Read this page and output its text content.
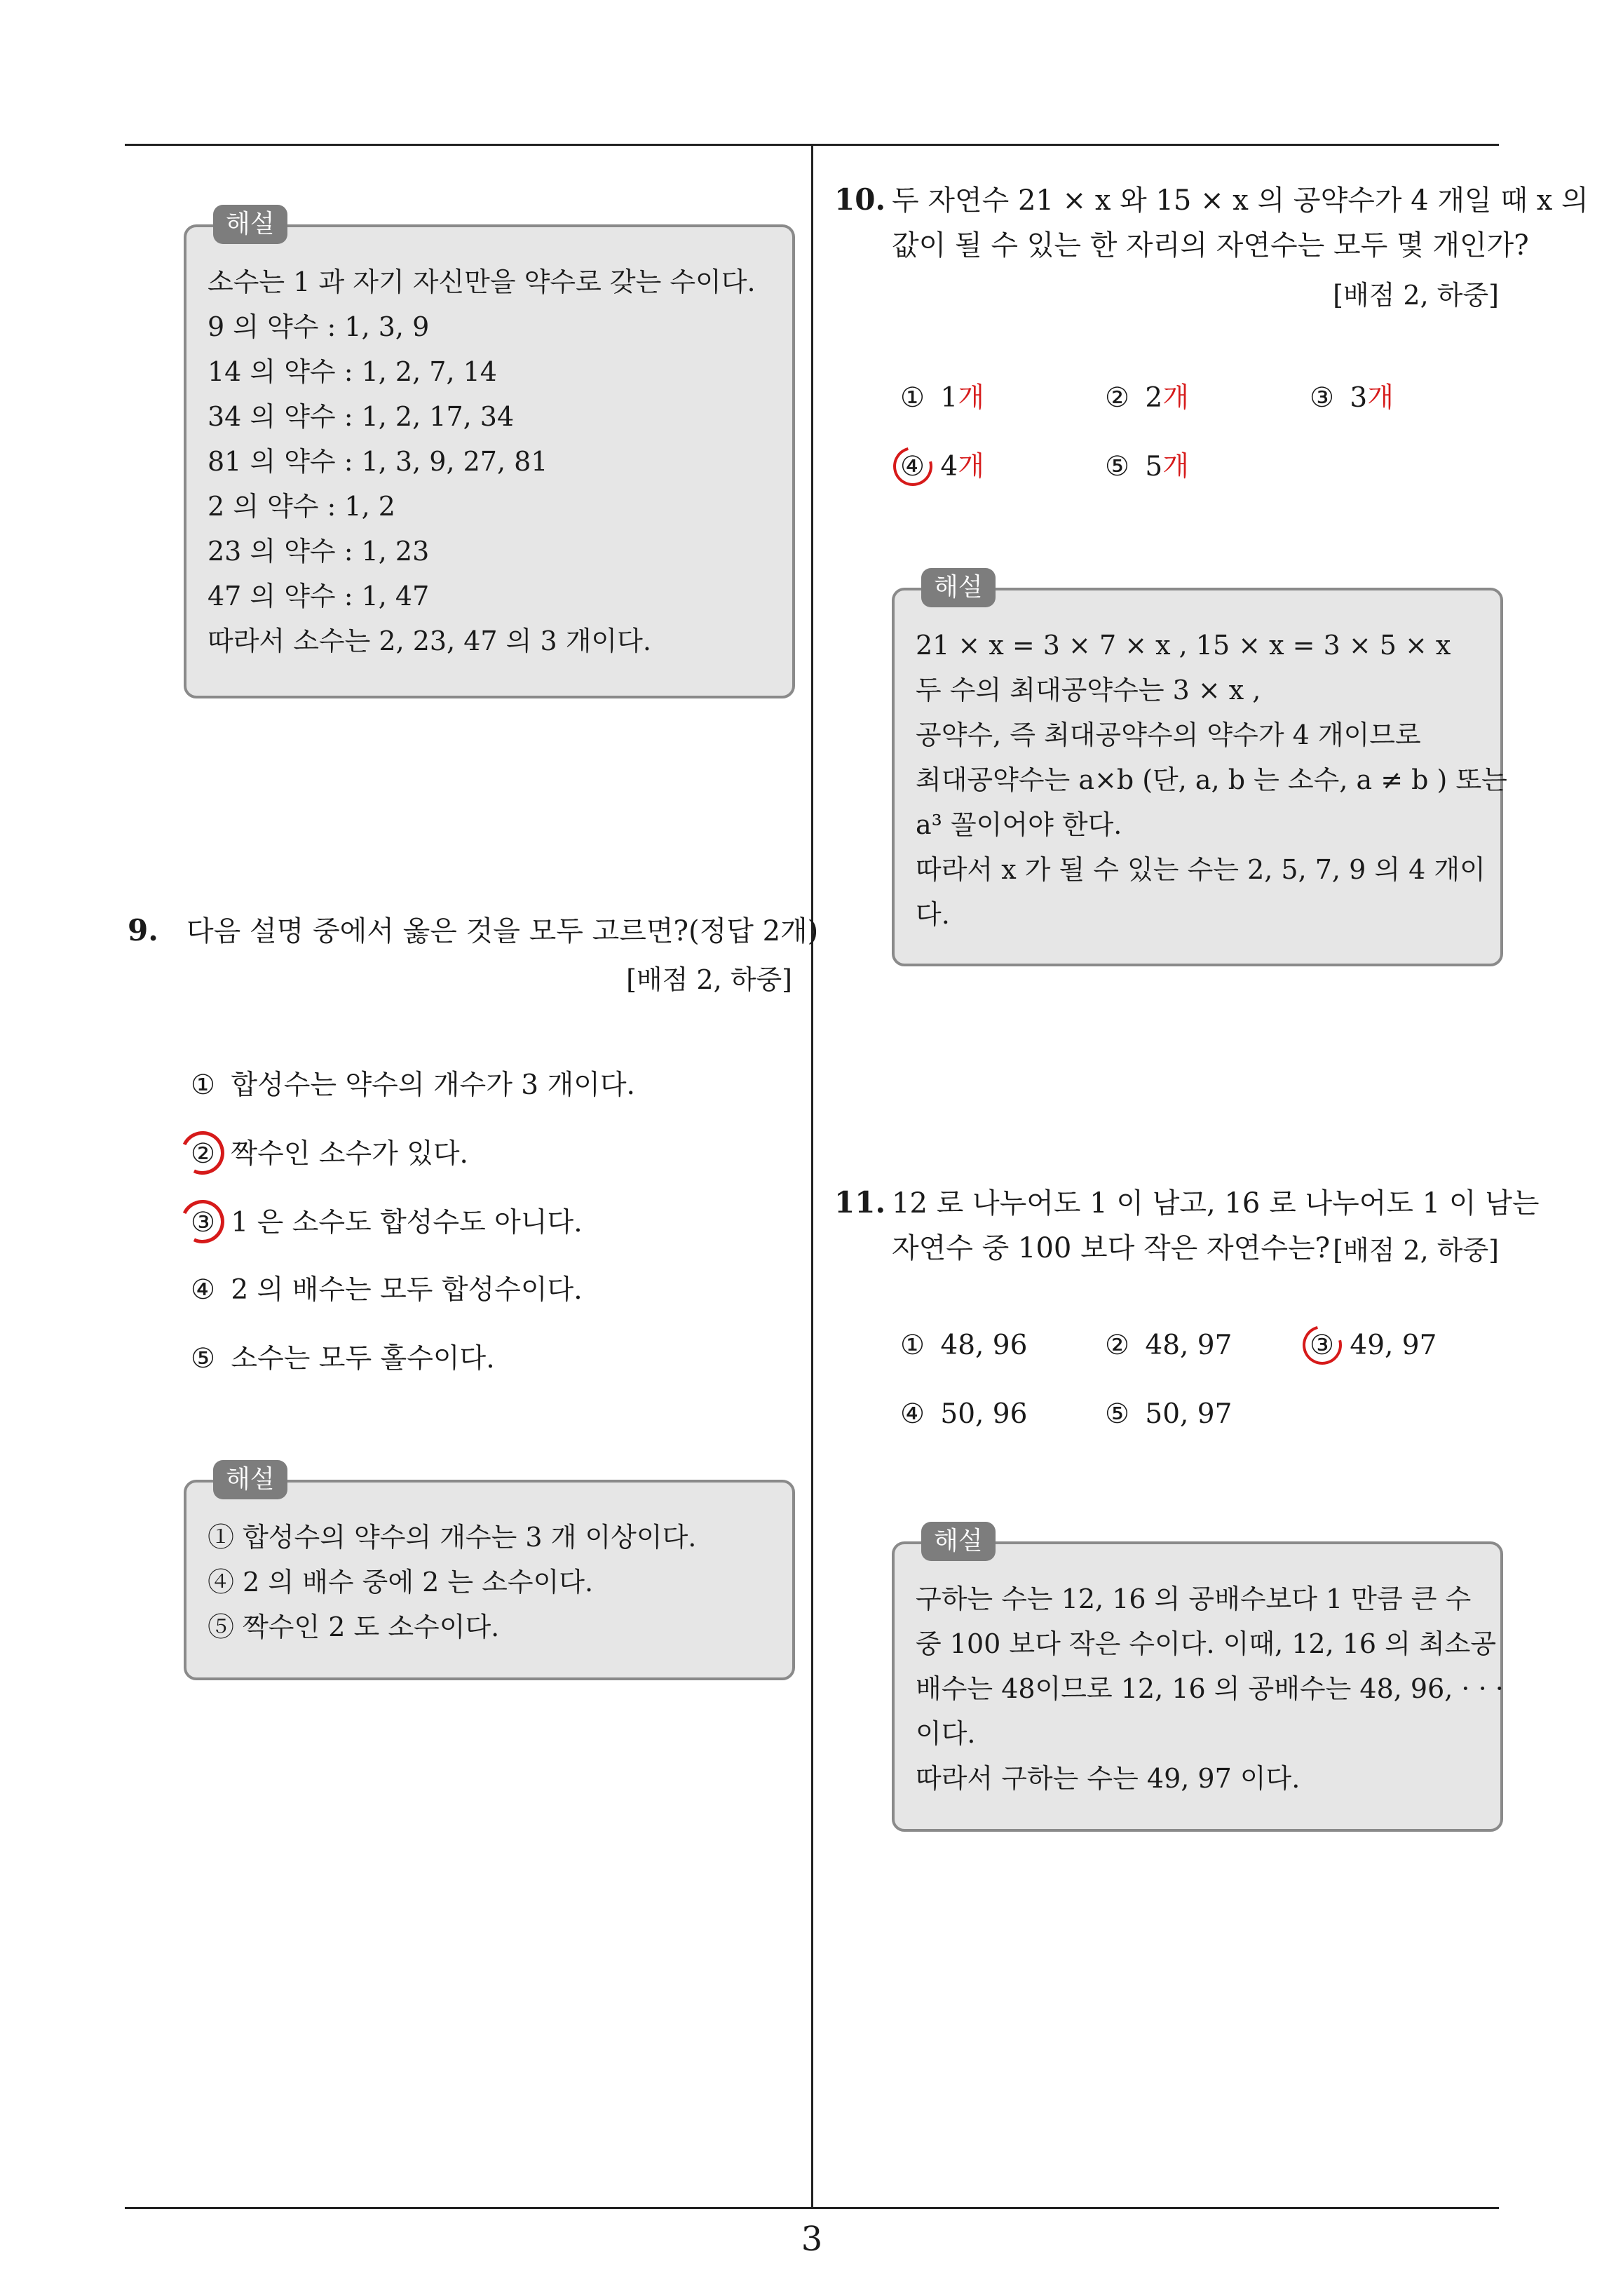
해설
소수는 1 과 자기 자신만을 약수로 갖는 수이다.
9 의 약수 : 1, 3, 9
14 의 약수 : 1, 2, 7, 14
34 의 약수 : 1, 2, 17, 34
81 의 약수 : 1, 3, 9, 27, 81
2 의 약수 : 1, 2
23 의 약수 : 1, 23
47 의 약수 : 1, 47
따라서 소수는 2, 23, 47 의 3 개이다.
9. 다음 설명 중에서 옳은 것을 모두 고르면?(정답 2개)
[배점 2, 하중]
① 합성수는 약수의 개수가 3 개이다.
② 짝수인 소수가 있다.
③ 1 은 소수도 합성수도 아니다.
④ 2 의 배수는 모두 합성수이다.
⑤ 소수는 모두 홀수이다.
해설
① 합성수의 약수의 개수는 3 개 이상이다.
④ 2 의 배수 중에 2 는 소수이다.
⑤ 짝수인 2 도 소수이다.
10. 두 자연수 21 × x 와 15 × x 의 공약수가 4 개일 때 x 의
값이 될 수 있는 한 자리의 자연수는 모두 몇 개인가?
[배점 2, 하중]
① 1개	② 2개	③ 3개
④ 4개	⑤ 5개
해설
21 × x = 3 × 7 × x , 15 × x = 3 × 5 × x
두 수의 최대공약수는 3 × x ,
공약수, 즉 최대공약수의 약수가 4 개이므로
최대공약수는 a×b (단, a, b 는 소수, a ≠ b ) 또는
a³ 꼴이어야 한다.
따라서 x 가 될 수 있는 수는 2, 5, 7, 9 의 4 개이
다.
11. 12 로 나누어도 1 이 남고, 16 로 나누어도 1 이 남는
자연수 중 100 보다 작은 자연수는? [배점 2, 하중]
① 48, 96	② 48, 97	③ 49, 97
④ 50, 96	⑤ 50, 97
해설
구하는 수는 12, 16 의 공배수보다 1 만큼 큰 수
중 100 보다 작은 수이다. 이때, 12, 16 의 최소공
배수는 48이므로 12, 16 의 공배수는 48, 96, · · ·
이다.
따라서 구하는 수는 49, 97 이다.
3
